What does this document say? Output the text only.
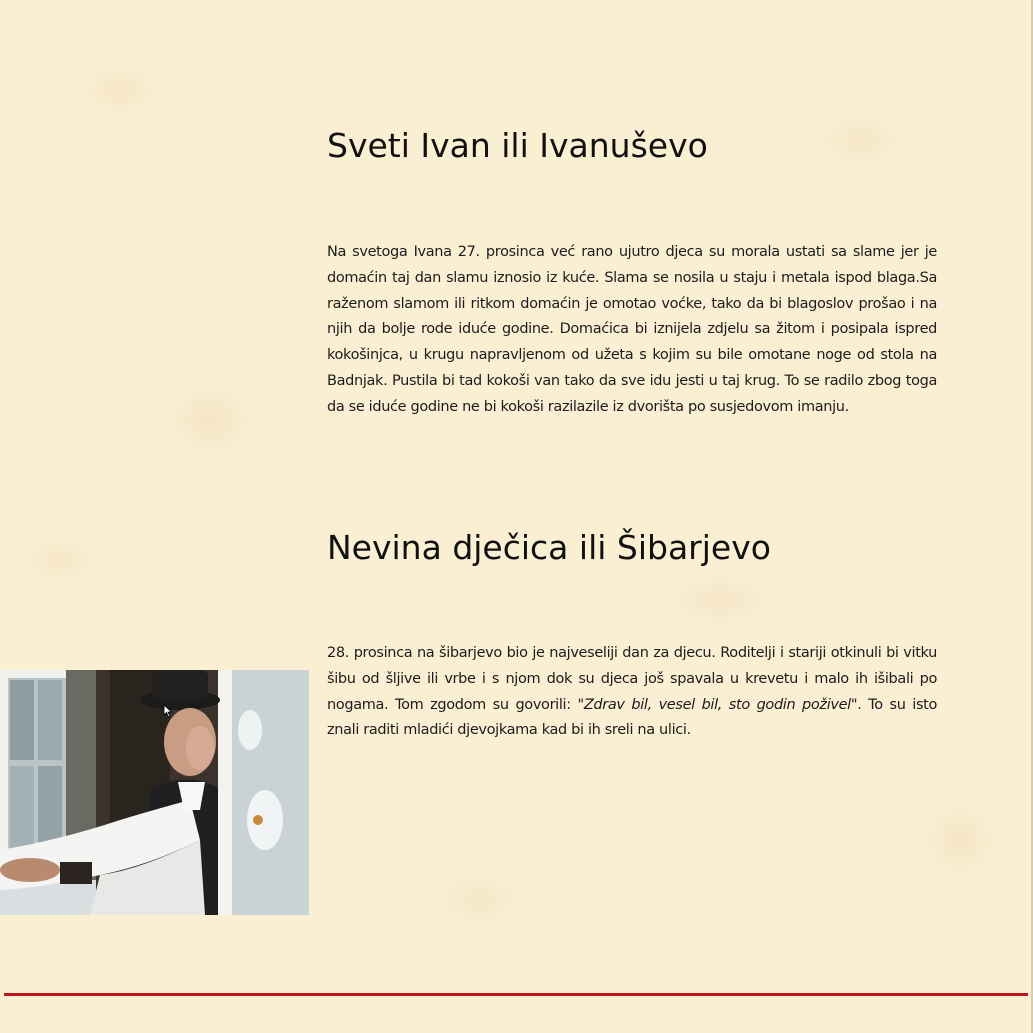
Sveti Ivan ili Ivanuševo

Na svetoga Ivana 27. prosinca već rano ujutro djeca su morala ustati sa slame jer je domaćin taj dan slamu iznosio iz kuće. Slama se nosila u staju i metala ispod blaga.Sa raženom slamom ili ritkom domaćin je omotao voćke, tako da bi blagoslov prošao i na njih da bolje rode iduće godine. Domaćica bi iznijela zdjelu sa žitom i posipala ispred kokošinjca, u krugu napravljenom od užeta s kojim su bile omotane noge od stola na Badnjak. Pustila bi tad kokoši van tako da sve idu jesti u taj krug. To se radilo zbog toga da se iduće godine ne bi kokoši razilazile iz dvorišta po susjedovom imanju.

Nevina dječica ili Šibarjevo

28. prosinca na šibarjevo bio je najveseliji dan za djecu. Roditelji i stariji otkinuli bi vitku šibu od šljive ili vrbe i s njom dok su djeca još spavala u krevetu i malo ih išibali po nogama. Tom zgodom su govorili: "Zdrav bil, vesel bil, sto godin poživel". To su isto znali raditi mladići djevojkama kad bi ih sreli na ulici.
